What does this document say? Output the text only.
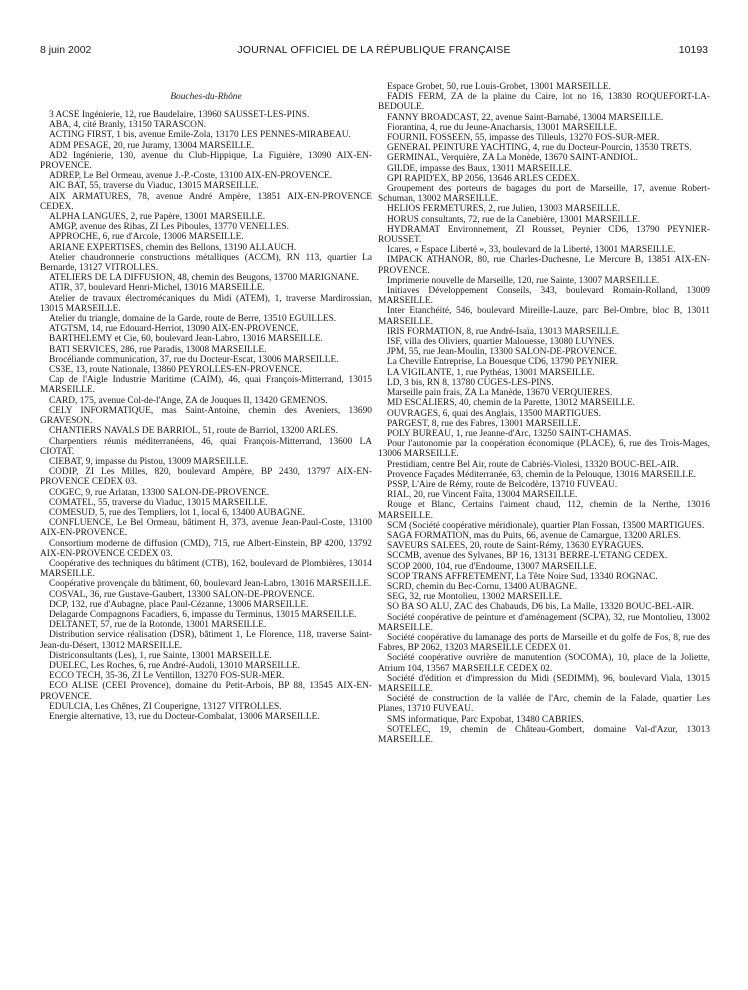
8 juin 2002	JOURNAL OFFICIEL DE LA RÉPUBLIQUE FRANÇAISE	10193

Bouches-du-Rhône

3 ACSE Ingénierie, 12, rue Baudelaire, 13960 SAUSSET-LES-PINS.

ABA, 4, cité Branly, 13150 TARASCON.

ACTING FIRST, 1 bis, avenue Emile-Zola, 13170 LES PENNES-MIRABEAU.

ADM PESAGE, 20, rue Juramy, 13004 MARSEILLE.

AD2 Ingénierie, 130, avenue du Club-Hippique, La Figuière, 13090 AIX-EN-PROVENCE.

ADREP, Le Bel Ormeau, avenue J.-P.-Coste, 13100 AIX-EN-PROVENCE.

AIC BAT, 55, traverse du Viaduc, 13015 MARSEILLE.

AIX ARMATURES, 78, avenue André Ampère, 13851 AIX-EN-PROVENCE CEDEX.

ALPHA LANGUES, 2, rue Papère, 13001 MARSEILLE.

AMGP, avenue des Ribas, ZI Les Piboules, 13770 VENELLES.

APPROCHE, 6, rue d'Arcole, 13006 MARSEILLE.

ARIANE EXPERTISES, chemin des Bellons, 13190 ALLAUCH.

Atelier chaudronnerie constructions métalliques (ACCM), RN 113, quartier La Bernarde, 13127 VITROLLES.

ATELIERS DE LA DIFFUSION, 48, chemin des Beugons, 13700 MARIGNANE.

ATIR, 37, boulevard Henri-Michel, 13016 MARSEILLE.

Atelier de travaux électromécaniques du Midi (ATEM), 1, traverse Mardirossian, 13015 MARSEILLE.

Atelier du triangle, domaine de la Garde, route de Berre, 13510 EGUILLES.

ATGTSM, 14, rue Edouard-Herriot, 13090 AIX-EN-PROVENCE.

BARTHELEMY et Cie, 60, boulevard Jean-Labro, 13016 MARSEILLE.

BATI SERVICES, 286, rue Paradis, 13008 MARSEILLE.

Brocéliande communication, 37, rue du Docteur-Escat, 13006 MARSEILLE.

CS3E, 13, route Nationale, 13860 PEYROLLES-EN-PROVENCE.

Cap de l'Aigle Industrie Maritime (CAIM), 46, quai François-Mitterrand, 13015 MARSEILLE.

CARD, 175, avenue Col-de-l'Ange, ZA de Jouques II, 13420 GEMENOS.

CELY INFORMATIQUE, mas Saint-Antoine, chemin des Aveniers, 13690 GRAVESON.

CHANTIERS NAVALS DE BARRIOL, 51, route de Barriol, 13200 ARLES.

Charpentiers réunis méditerranéens, 46, quai François-Mitterrand, 13600 LA CIOTAT.

CIEBAT, 9, impasse du Pistou, 13009 MARSEILLE.

CODIP, ZI Les Milles, 820, boulevard Ampère, BP 2430, 13797 AIX-EN-PROVENCE CEDEX 03.

COGEC, 9, rue Arlatan, 13300 SALON-DE-PROVENCE.

COMATEL, 55, traverse du Viaduc, 13015 MARSEILLE.

COMESUD, 5, rue des Templiers, lot 1, local 6, 13400 AUBAGNE.

CONFLUENCE, Le Bel Ormeau, bâtiment H, 373, avenue Jean-Paul-Coste, 13100 AIX-EN-PROVENCE.

Consortium moderne de diffusion (CMD), 715, rue Albert-Einstein, BP 4200, 13792 AIX-EN-PROVENCE CEDEX 03.

Coopérative des techniques du bâtiment (CTB), 162, boulevard de Plombières, 13014 MARSEILLE.

Coopérative provençale du bâtiment, 60, boulevard Jean-Labro, 13016 MARSEILLE.

COSVAL, 36, rue Gustave-Gaubert, 13300 SALON-DE-PROVENCE.

DCP, 132, rue d'Aubagne, place Paul-Cézanne, 13006 MARSEILLE.

Delagarde Compagnons Facadiers, 6, impasse du Terminus, 13015 MARSEILLE.

DELTANET, 57, rue de la Rotonde, 13001 MARSEILLE.

Distribution service réalisation (DSR), bâtiment 1, Le Florence, 118, traverse Saint-Jean-du-Désert, 13012 MARSEILLE.

Districonsultants (Les), 1, rue Sainte, 13001 MARSEILLE.

DUELEC, Les Roches, 6, rue André-Audoli, 13010 MARSEILLE.

ECCO TECH, 35-36, ZI Le Ventillon, 13270 FOS-SUR-MER.

ECO ALISE (CEEI Provence), domaine du Petit-Arbois, BP 88, 13545 AIX-EN-PROVENCE.

EDULCIA, Les Chênes, ZI Couperigne, 13127 VITROLLES.

Energie alternative, 13, rue du Docteur-Combalat, 13006 MARSEILLE.

Espace Grobet, 50, rue Louis-Grobet, 13001 MARSEILLE.

FADIS FERM, ZA de la plaine du Caire, lot no 16, 13830 ROQUEFORT-LA-BEDOULE.

FANNY BROADCAST, 22, avenue Saint-Barnabé, 13004 MARSEILLE.

Fiorantina, 4, rue du Jeune-Anacharsis, 13001 MARSEILLE.

FOURNIL FOSSEEN, 55, impasse des Tilleuls, 13270 FOS-SUR-MER.

GENERAL PEINTURE YACHTING, 4, rue du Docteur-Pourcin, 13530 TRETS.

GERMINAL, Verquière, ZA La Monède, 13670 SAINT-ANDIOL.

GILDE, impasse des Baux, 13011 MARSEILLE.

GPI RAPID'EX, BP 2056, 13646 ARLES CEDEX.

Groupement des porteurs de bagages du port de Marseille, 17, avenue Robert-Schuman, 13002 MARSEILLE.

HELIOS FERMETURES, 2, rue Julien, 13003 MARSEILLE.

HORUS consultants, 72, rue de la Canebière, 13001 MARSEILLE.

HYDRAMAT Environnement, ZI Rousset, Peynier CD6, 13790 PEYNIER-ROUSSET.

Icares, « Espace Liberté », 33, boulevard de la Liberté, 13001 MARSEILLE.

IMPACK ATHANOR, 80, rue Charles-Duchesne, Le Mercure B, 13851 AIX-EN-PROVENCE.

Imprimerie nouvelle de Marseille, 120, rue Sainte, 13007 MARSEILLE.

Initiaves Développement Conseils, 343, boulevard Romain-Rolland, 13009 MARSEILLE.

Inter Etanchéité, 546, boulevard Mireille-Lauze, parc Bel-Ombre, bloc B, 13011 MARSEILLE.

IRIS FORMATION, 8, rue André-Isaïa, 13013 MARSEILLE.

ISF, villa des Oliviers, quartier Malouesse, 13080 LUYNES.

JPM, 55, rue Jean-Moulin, 13300 SALON-DE-PROVENCE.

La Cheville Entreprise, La Bouesque CD6, 13790 PEYNIER.

LA VIGILANTE, 1, rue Pythéas, 13001 MARSEILLE.

LD, 3 bis, RN 8, 13780 CUGES-LES-PINS.

Marseille pain frais, ZA La Manède, 13670 VERQUIERES.

MD ESCALIERS, 40, chemin de la Parette, 13012 MARSEILLE.

OUVRAGES, 6, quai des Anglais, 13500 MARTIGUES.

PARGEST, 8, rue des Fabres, 13001 MARSEILLE.

POLY BUREAU, 1, rue Jeanne-d'Arc, 13250 SAINT-CHAMAS.

Pour l'autonomie par la coopération économique (PLACE), 6, rue des Trois-Mages, 13006 MARSEILLE.

Prestidiam, centre Bel Air, route de Cabriès-Violesi, 13320 BOUC-BEL-AIR.

Provence Façades Méditerranée, 63, chemin de la Pelouque, 13016 MARSEILLE.

PSSP, L'Aire de Rémy, route de Belcodère, 13710 FUVEAU.

RIAL, 20, rue Vincent Faïta, 13004 MARSEILLE.

Rouge et Blanc, Certains l'aiment chaud, 112, chemin de la Nerthe, 13016 MARSEILLE.

SCM (Société coopérative méridionale), quartier Plan Fossan, 13500 MARTIGUES.

SAGA FORMATION, mas du Puits, 66, avenue de Camargue, 13200 ARLES.

SAVEURS SALEES, 20, route de Saint-Rémy, 13630 EYRAGUES.

SCCMB, avenue des Sylvanes, BP 16, 13131 BERRE-L'ETANG CEDEX.

SCOP 2000, 104, rue d'Endoume, 13007 MARSEILLE.

SCOP TRANS AFFRETEMENT, La Tête Noire Sud, 13340 ROGNAC.

SCRD, chemin du Bec-Cornu, 13400 AUBAGNE.

SEG, 32, rue Montolieu, 13002 MARSEILLE.

SO BA SO ALU, ZAC des Chabauds, D6 bis, La Malle, 13320 BOUC-BEL-AIR.

Société coopérative de peinture et d'aménagement (SCPA), 32, rue Montolieu, 13002 MARSEILLE.

Société coopérative du lamanage des ports de Marseille et du golfe de Fos, 8, rue des Fabres, BP 2062, 13203 MARSEILLE CEDEX 01.

Société coopérative ouvrière de manutention (SOCOMA), 10, place de la Joliette, Atrium 104, 13567 MARSEILLE CEDEX 02.

Société d'édition et d'impression du Midi (SEDIMM), 96, boulevard Viala, 13015 MARSEILLE.

Société de construction de la vallée de l'Arc, chemin de la Falade, quartier Les Planes, 13710 FUVEAU.

SMS informatique, Parc Expobat, 13480 CABRIES.

SOTELEC, 19, chemin de Château-Gombert, domaine Val-d'Azur, 13013 MARSEILLE.
